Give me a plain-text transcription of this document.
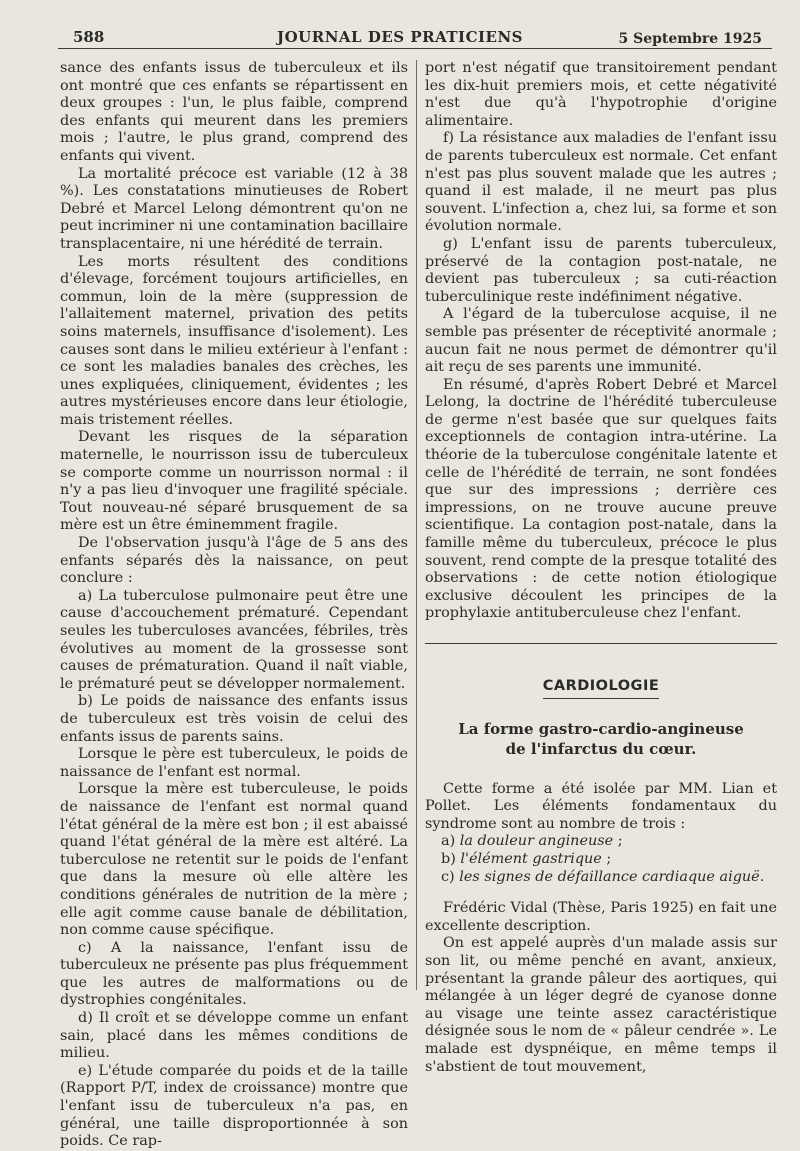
588	JOURNAL DES PRATICIENS	5 Septembre 1925

sance des enfants issus de tuberculeux et ils ont montré que ces enfants se répartissent en deux groupes : l'un, le plus faible, comprend des enfants qui meurent dans les premiers mois ; l'autre, le plus grand, comprend des enfants qui vivent.

La mortalité précoce est variable (12 à 38 %). Les constatations minutieuses de Robert Debré et Marcel Lelong démontrent qu'on ne peut incriminer ni une contamination bacillaire transplacentaire, ni une hérédité de terrain.

Les morts résultent des conditions d'élevage, forcément toujours artificielles, en commun, loin de la mère (suppression de l'allaitement maternel, privation des petits soins maternels, insuffisance d'isolement). Les causes sont dans le milieu extérieur à l'enfant : ce sont les maladies banales des crèches, les unes expliquées, cliniquement, évidentes ; les autres mystérieuses encore dans leur étiologie, mais tristement réelles.

Devant les risques de la séparation maternelle, le nourrisson issu de tuberculeux se comporte comme un nourrisson normal : il n'y a pas lieu d'invoquer une fragilité spéciale. Tout nouveau-né séparé brusquement de sa mère est un être éminemment fragile.

De l'observation jusqu'à l'âge de 5 ans des enfants séparés dès la naissance, on peut conclure :

a) La tuberculose pulmonaire peut être une cause d'accouchement prématuré. Cependant seules les tuberculoses avancées, fébriles, très évolutives au moment de la grossesse sont causes de prématuration. Quand il naît viable, le prématuré peut se développer normalement.

b) Le poids de naissance des enfants issus de tuberculeux est très voisin de celui des enfants issus de parents sains.

Lorsque le père est tuberculeux, le poids de naissance de l'enfant est normal.

Lorsque la mère est tuberculeuse, le poids de naissance de l'enfant est normal quand l'état général de la mère est bon ; il est abaissé quand l'état général de la mère est altéré. La tuberculose ne retentit sur le poids de l'enfant que dans la mesure où elle altère les conditions générales de nutrition de la mère ; elle agit comme cause banale de débilitation, non comme cause spécifique.

c) A la naissance, l'enfant issu de tuberculeux ne présente pas plus fréquemment que les autres de malformations ou de dystrophies congénitales.

d) Il croît et se développe comme un enfant sain, placé dans les mêmes conditions de milieu.

e) L'étude comparée du poids et de la taille (Rapport P/T, index de croissance) montre que l'enfant issu de tuberculeux n'a pas, en général, une taille disproportionnée à son poids. Ce rap-

port n'est négatif que transitoirement pendant les dix-huit premiers mois, et cette négativité n'est due qu'à l'hypotrophie d'origine alimentaire.

f) La résistance aux maladies de l'enfant issu de parents tuberculeux est normale. Cet enfant n'est pas plus souvent malade que les autres ; quand il est malade, il ne meurt pas plus souvent. L'infection a, chez lui, sa forme et son évolution normale.

g) L'enfant issu de parents tuberculeux, préservé de la contagion post-natale, ne devient pas tuberculeux ; sa cuti-réaction tuberculinique reste indéfiniment négative.

A l'égard de la tuberculose acquise, il ne semble pas présenter de réceptivité anormale ; aucun fait ne nous permet de démontrer qu'il ait reçu de ses parents une immunité.

En résumé, d'après Robert Debré et Marcel Lelong, la doctrine de l'hérédité tuberculeuse de germe n'est basée que sur quelques faits exceptionnels de contagion intra-utérine. La théorie de la tuberculose congénitale latente et celle de l'hérédité de terrain, ne sont fondées que sur des impressions ; derrière ces impressions, on ne trouve aucune preuve scientifique. La contagion post-natale, dans la famille même du tuberculeux, précoce le plus souvent, rend compte de la presque totalité des observations : de cette notion étiologique exclusive découlent les principes de la prophylaxie antituberculeuse chez l'enfant.

CARDIOLOGIE
La forme gastro-cardio-angineuse
de l'infarctus du cœur.

Cette forme a été isolée par MM. Lian et Pollet. Les éléments fondamentaux du syndrome sont au nombre de trois :

a) la douleur angineuse ;
b) l'élément gastrique ;
c) les signes de défaillance cardiaque aiguë.

Frédéric Vidal (Thèse, Paris 1925) en fait une excellente description.

On est appelé auprès d'un malade assis sur son lit, ou même penché en avant, anxieux, présentant la grande pâleur des aortiques, qui mélangée à un léger degré de cyanose donne au visage une teinte assez caractéristique désignée sous le nom de « pâleur cendrée ». Le malade est dyspnéique, en même temps il s'abstient de tout mouvement,
